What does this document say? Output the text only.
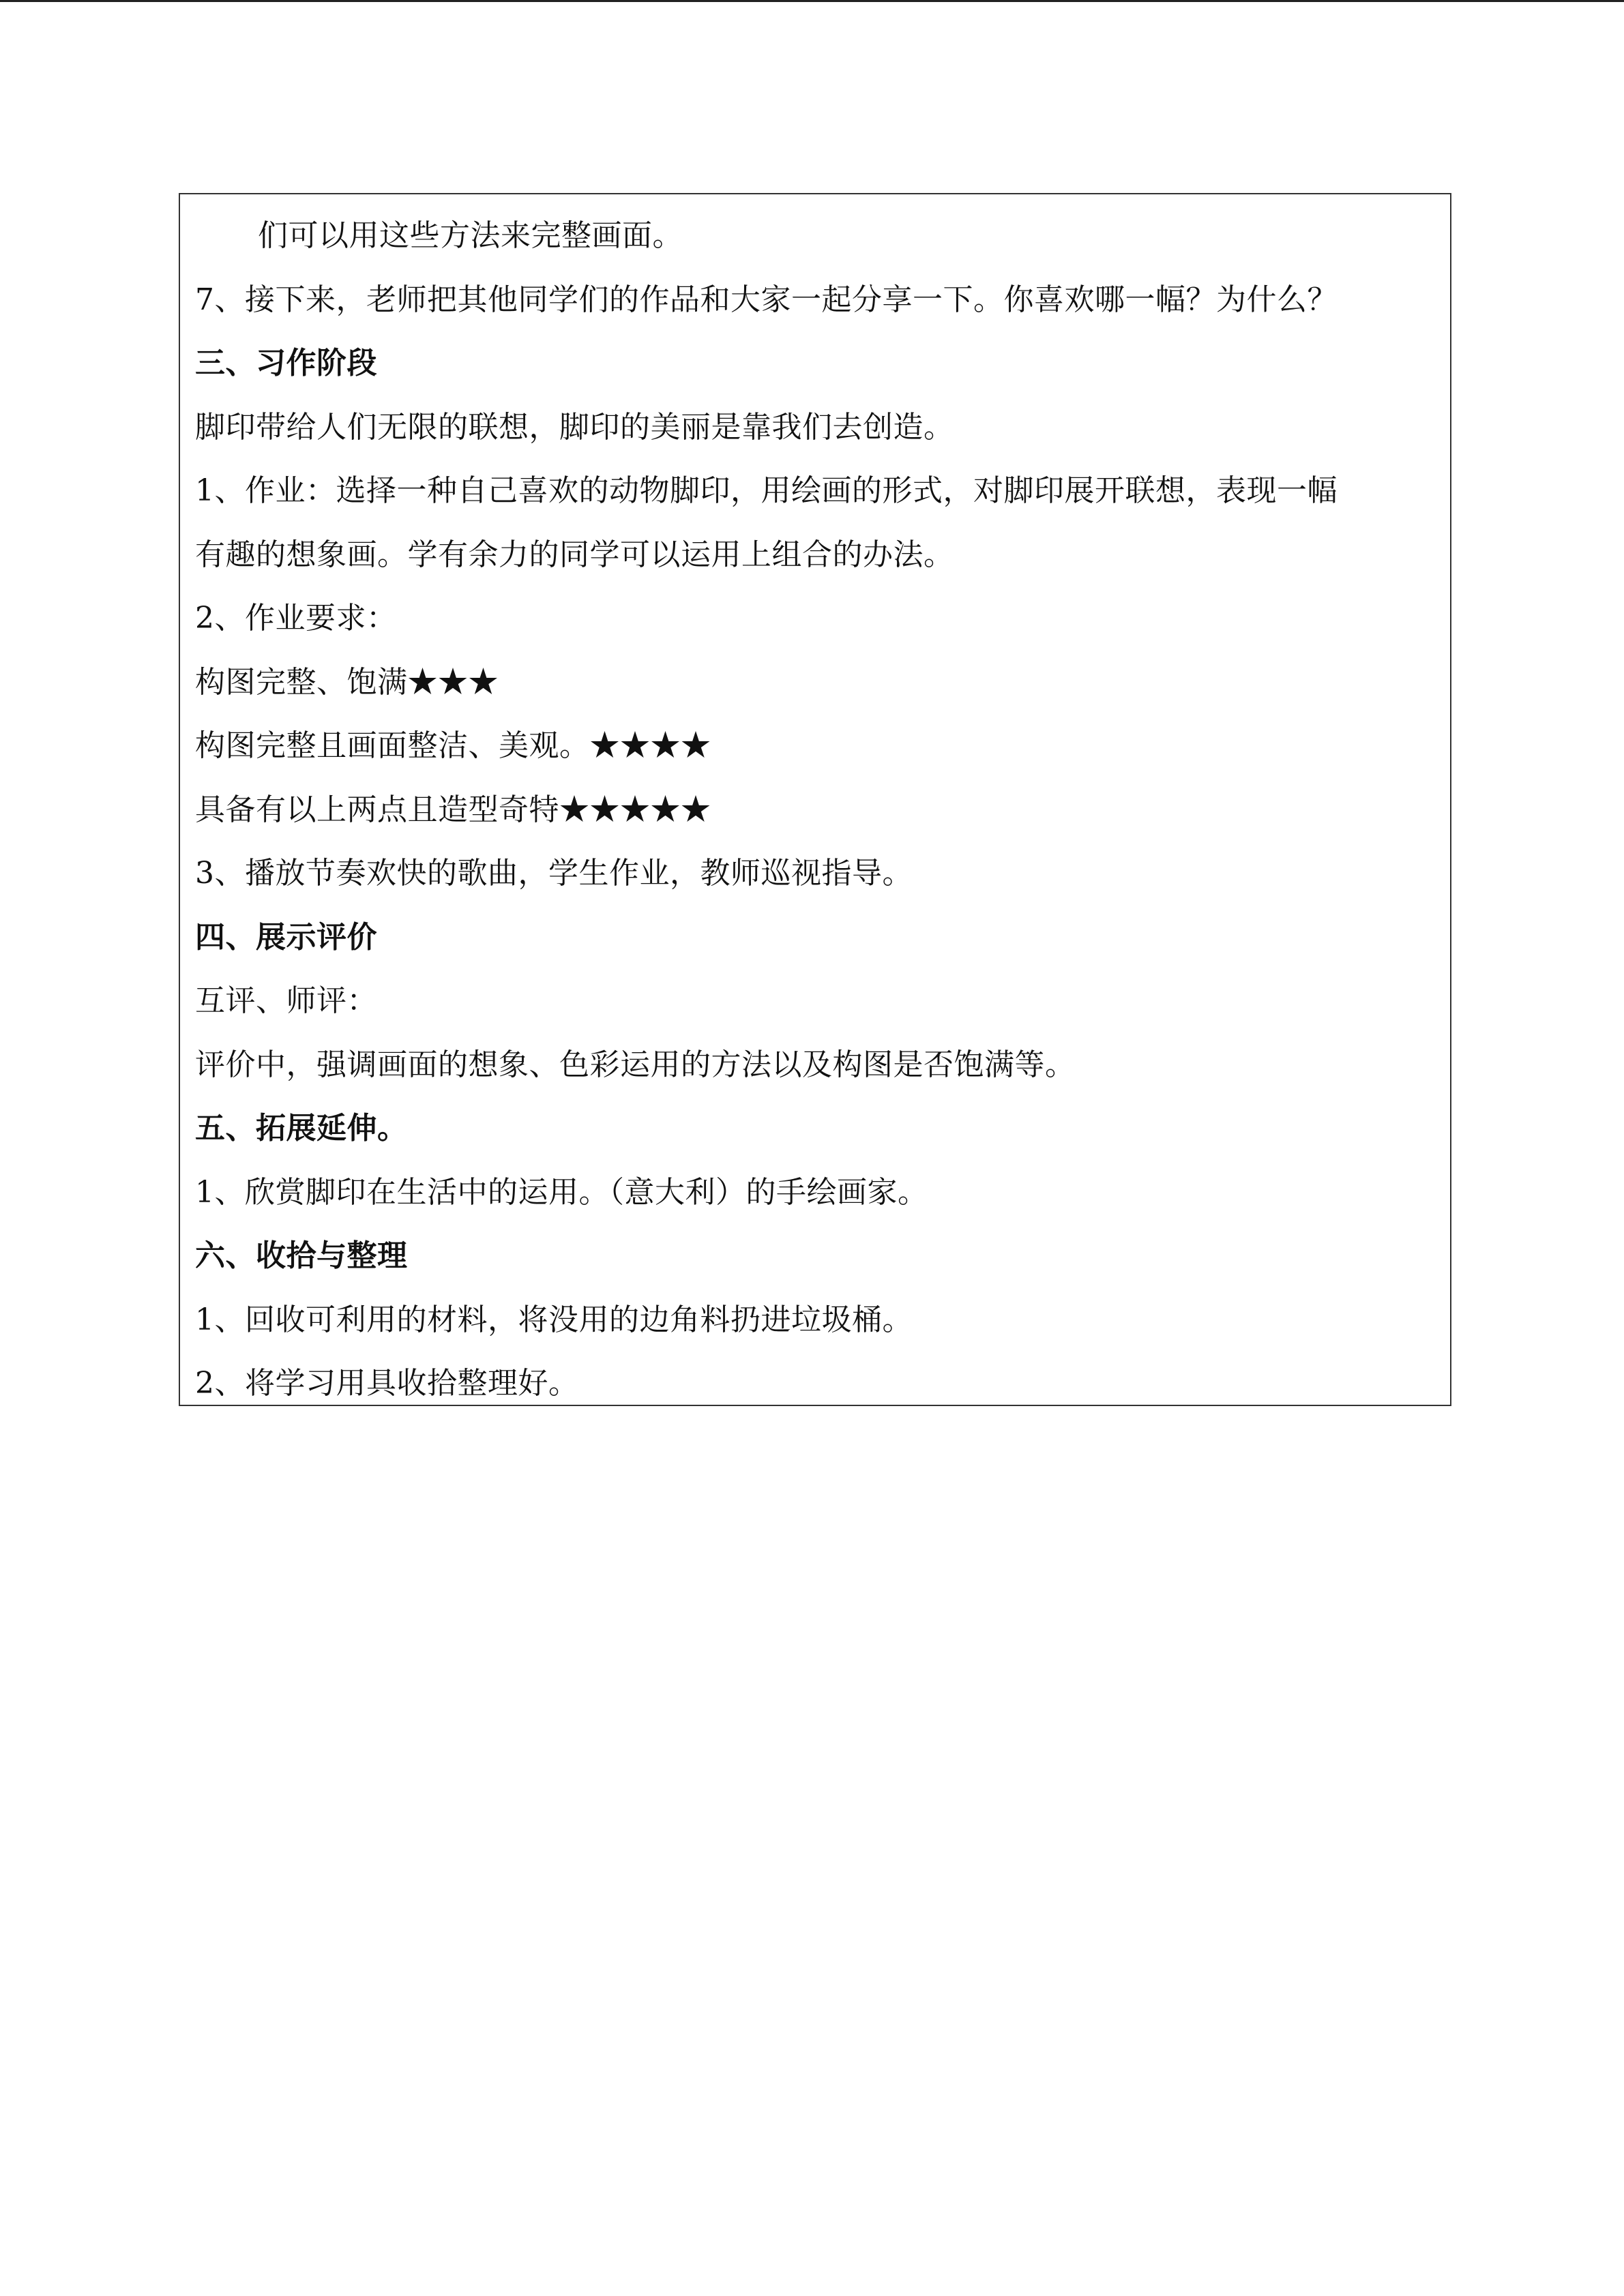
们可以用这些方法来完整画面。
7、接下来，老师把其他同学们的作品和大家一起分享一下。你喜欢哪一幅？为什么？
三、习作阶段
脚印带给人们无限的联想，脚印的美丽是靠我们去创造。
1、作业：选择一种自己喜欢的动物脚印，用绘画的形式，对脚印展开联想，表现一幅
有趣的想象画。学有余力的同学可以运用上组合的办法。
2、作业要求：
构图完整、饱满★★★
构图完整且画面整洁、美观。★★★★
具备有以上两点且造型奇特★★★★★
3、播放节奏欢快的歌曲，学生作业，教师巡视指导。
四、展示评价
互评、师评：
评价中，强调画面的想象、色彩运用的方法以及构图是否饱满等。
五、拓展延伸。
1、欣赏脚印在生活中的运用。（意大利）的手绘画家。
六、收拾与整理
1、回收可利用的材料，将没用的边角料扔进垃圾桶。
2、将学习用具收拾整理好。
